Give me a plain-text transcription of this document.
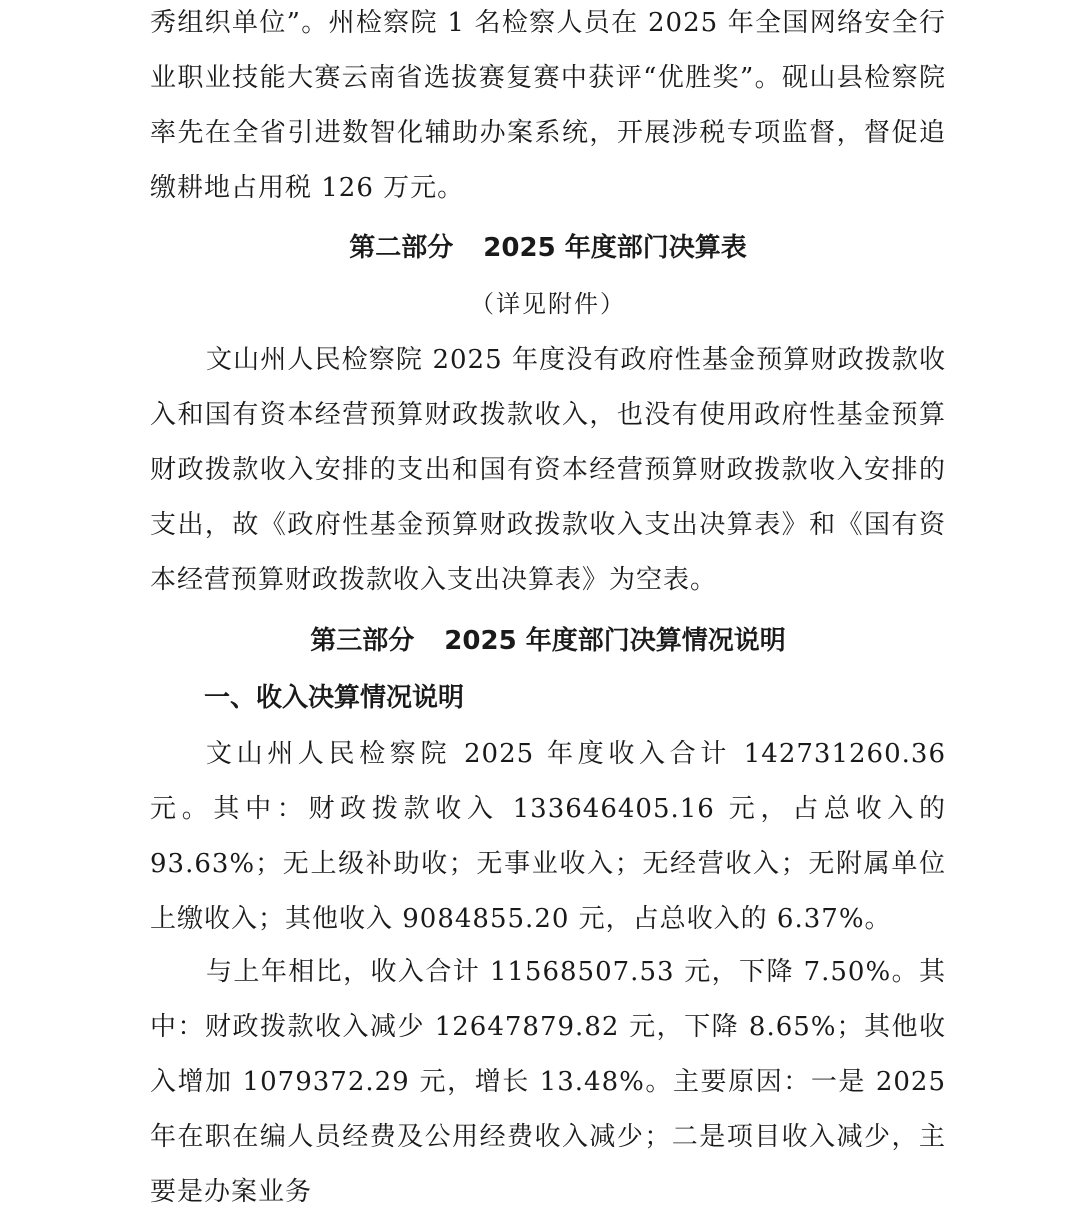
秀组织单位”。州检察院 1 名检察人员在 2025 年全国网络安全行业职业技能大赛云南省选拔赛复赛中获评“优胜奖”。砚山县检察院率先在全省引进数智化辅助办案系统，开展涉税专项监督，督促追缴耕地占用税 126 万元。

第二部分 2025 年度部门决算表

（详见附件）

文山州人民检察院 2025 年度没有政府性基金预算财政拨款收入和国有资本经营预算财政拨款收入，也没有使用政府性基金预算财政拨款收入安排的支出和国有资本经营预算财政拨款收入安排的支出，故《政府性基金预算财政拨款收入支出决算表》和《国有资本经营预算财政拨款收入支出决算表》为空表。

第三部分 2025 年度部门决算情况说明
一、收入决算情况说明

文山州人民检察院 2025 年度收入合计 142731260.36 元。其中：财政拨款收入 133646405.16 元，占总收入的 93.63%；无上级补助收；无事业收入；无经营收入；无附属单位上缴收入；其他收入 9084855.20 元，占总收入的 6.37%。

与上年相比，收入合计 11568507.53 元，下降 7.50%。其中：财政拨款收入减少 12647879.82 元，下降 8.65%；其他收入增加 1079372.29 元，增长 13.48%。主要原因：一是 2025 年在职在编人员经费及公用经费收入减少；二是项目收入减少，主要是办案业务
